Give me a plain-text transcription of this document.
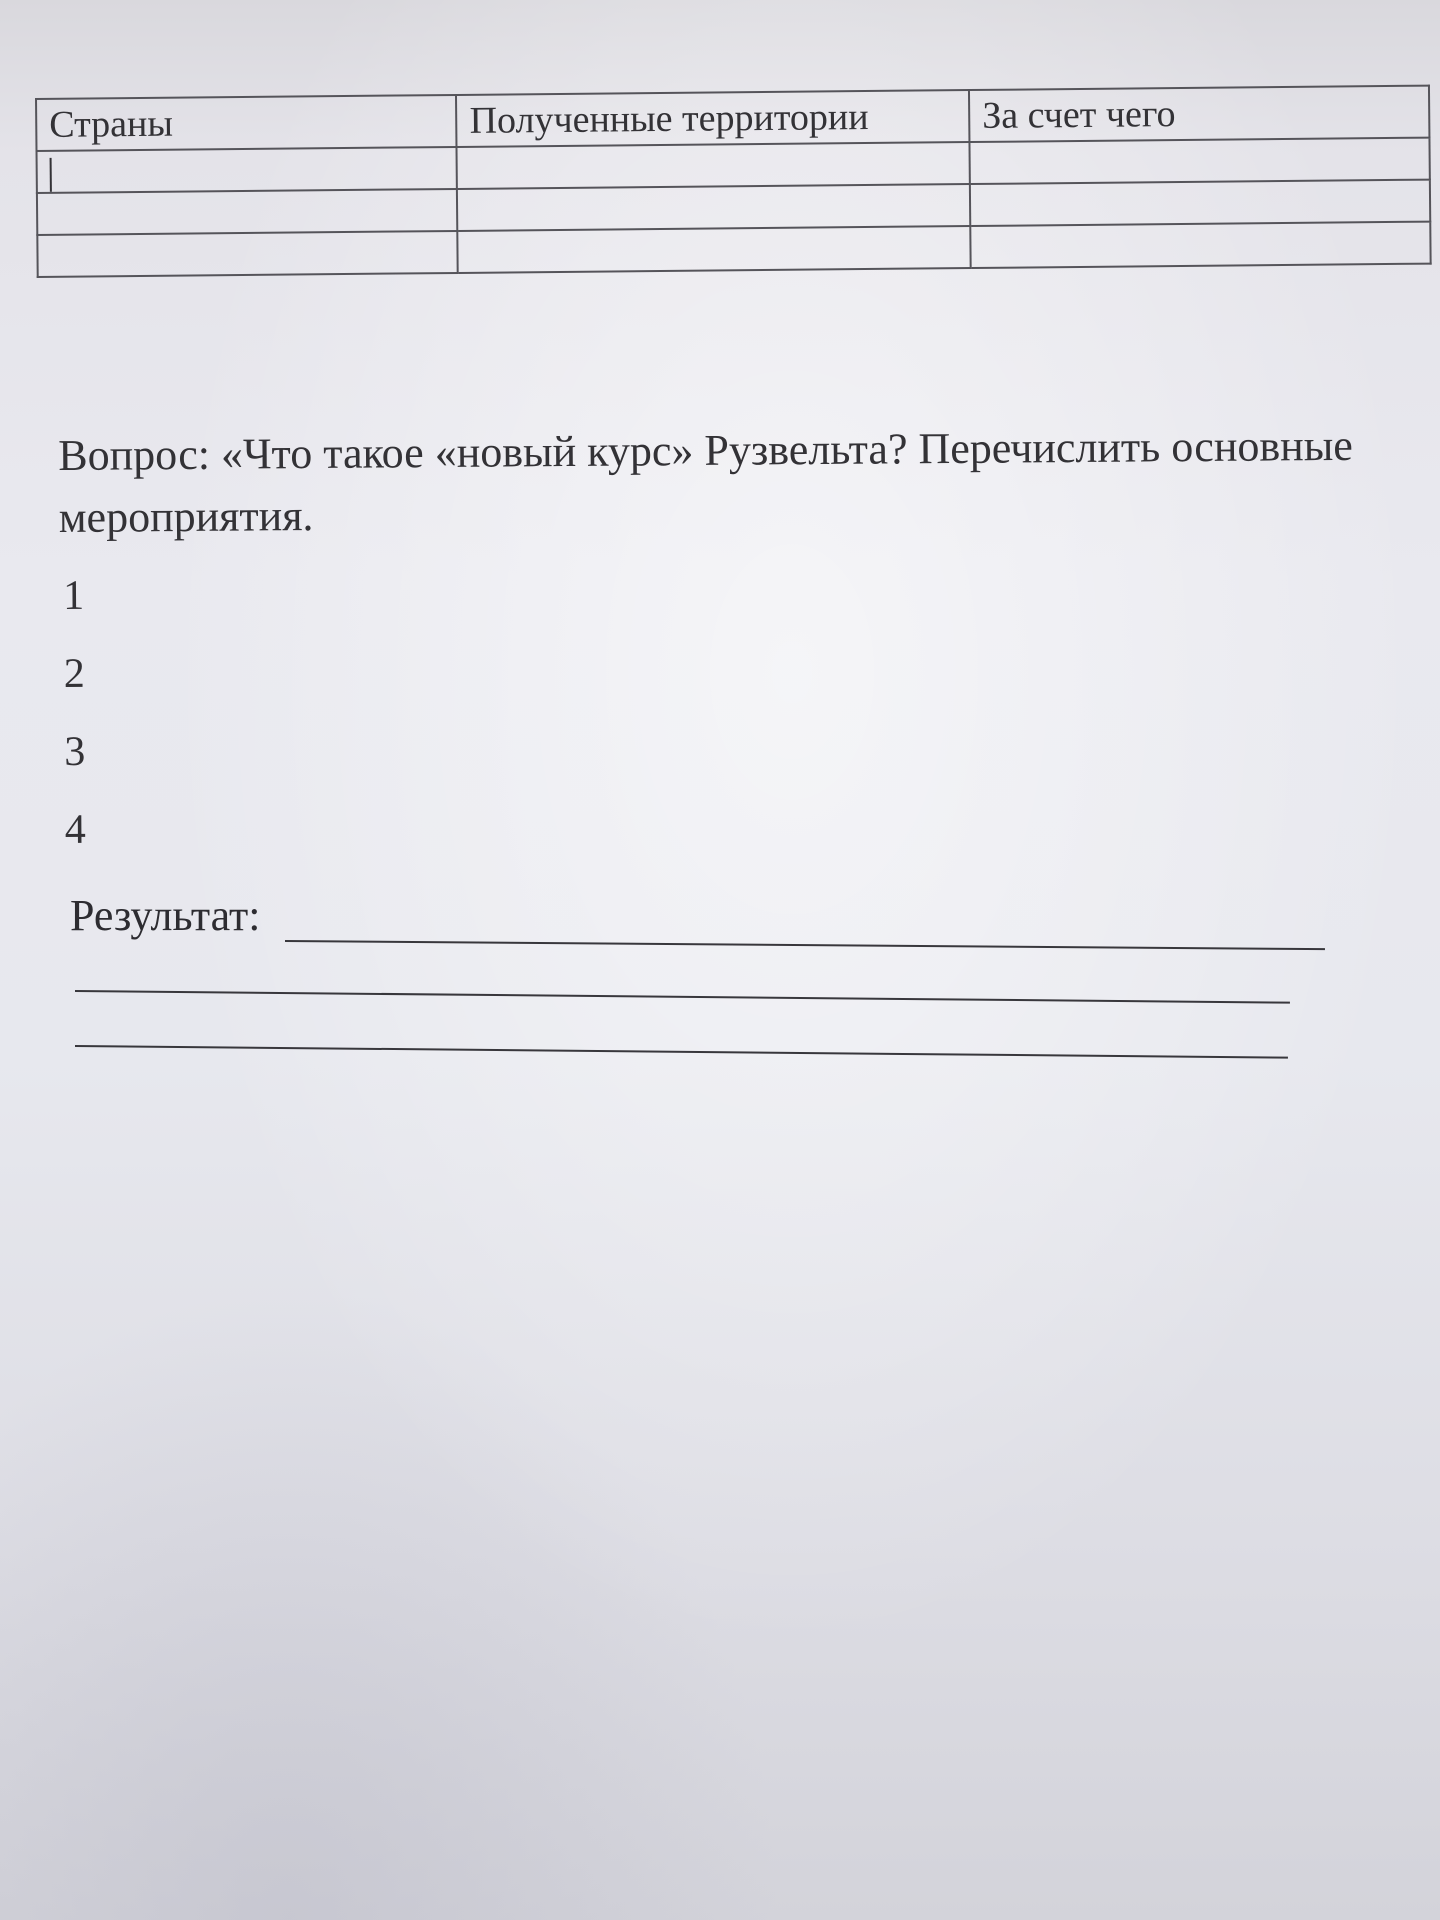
Страны	Полученные территории	За счет чего

Вопрос: «Что такое «новый курс» Рузвельта? Перечислить основные мероприятия.
1
2
3
4
Результат:
